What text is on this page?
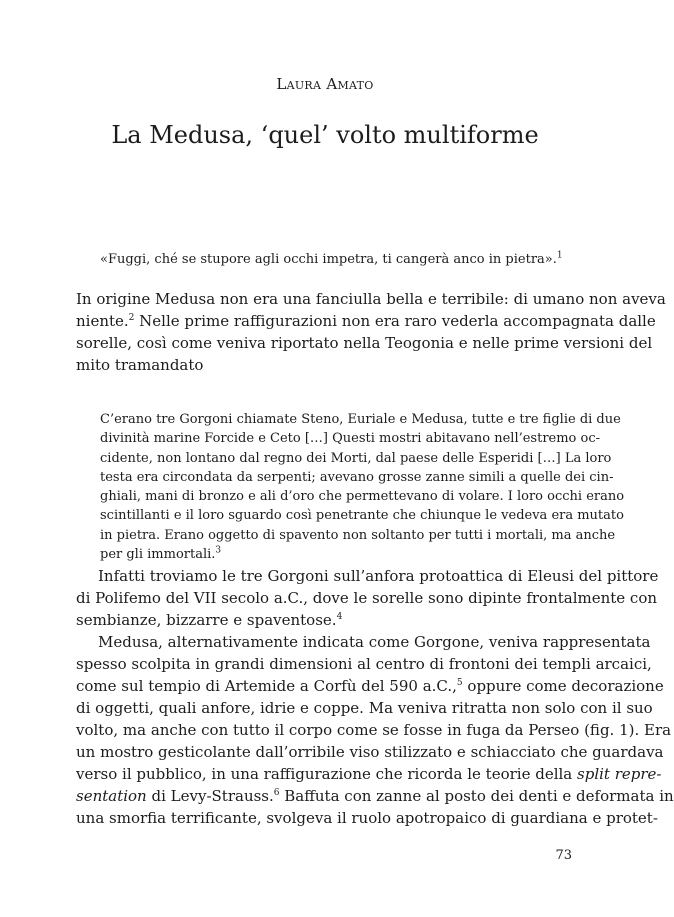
Laura Amato
La Medusa, ‘quel’ volto multiforme

«Fuggi, ché se stupore agli occhi impetra, ti cangerà anco in pietra».$^1$

In origine Medusa non era una fanciulla bella e terribile: di umano non aveva
niente.$^2$ Nelle prime raffigurazioni non era raro vederla accompagnata dalle
sorelle, così come veniva riportato nella Teogonia e nelle prime versioni del
mito tramandato

C’erano tre Gorgoni chiamate Steno, Euriale e Medusa, tutte e tre figlie di due
divinità marine Forcide e Ceto […] Questi mostri abitavano nell’estremo oc-
cidente, non lontano dal regno dei Morti, dal paese delle Esperidi […] La loro
testa era circondata da serpenti; avevano grosse zanne simili a quelle dei cin-
ghiali, mani di bronzo e ali d’oro che permettevano di volare. I loro occhi erano
scintillanti e il loro sguardo così penetrante che chiunque le vedeva era mutato
in pietra. Erano oggetto di spavento non soltanto per tutti i mortali, ma anche
per gli immortali.$^3$

Infatti troviamo le tre Gorgoni sull’anfora protoattica di Eleusi del pittore
di Polifemo del VII secolo a.C., dove le sorelle sono dipinte frontalmente con
sembianze, bizzarre e spaventose.$^4$

Medusa, alternativamente indicata come Gorgone, veniva rappresentata
spesso scolpita in grandi dimensioni al centro di frontoni dei templi arcaici,
come sul tempio di Artemide a Corfù del 590 a.C.,$^5$ oppure come decorazione
di oggetti, quali anfore, idrie e coppe. Ma veniva ritratta non solo con il suo
volto, ma anche con tutto il corpo come se fosse in fuga da Perseo (fig. 1). Era
un mostro gesticolante dall’orribile viso stilizzato e schiacciato che guardava
verso il pubblico, in una raffigurazione che ricorda le teorie della split repre-
sentation di Levy-Strauss.$^6$ Baffuta con zanne al posto dei denti e deformata in
una smorfia terrificante, svolgeva il ruolo apotropaico di guardiana e protet-

73
